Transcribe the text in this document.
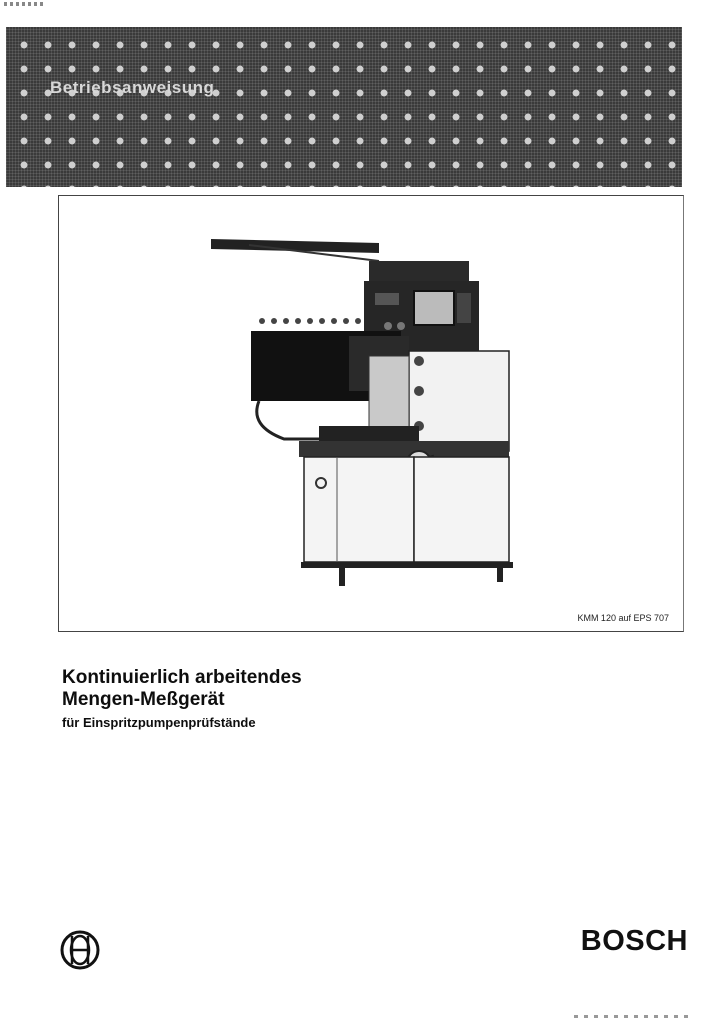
Betriebsanweisung
KMM 120 auf EPS 707
Kontinuierlich arbeitendes
Mengen-Meßgerät
für Einspritzpumpenprüfstände
BOSCH
